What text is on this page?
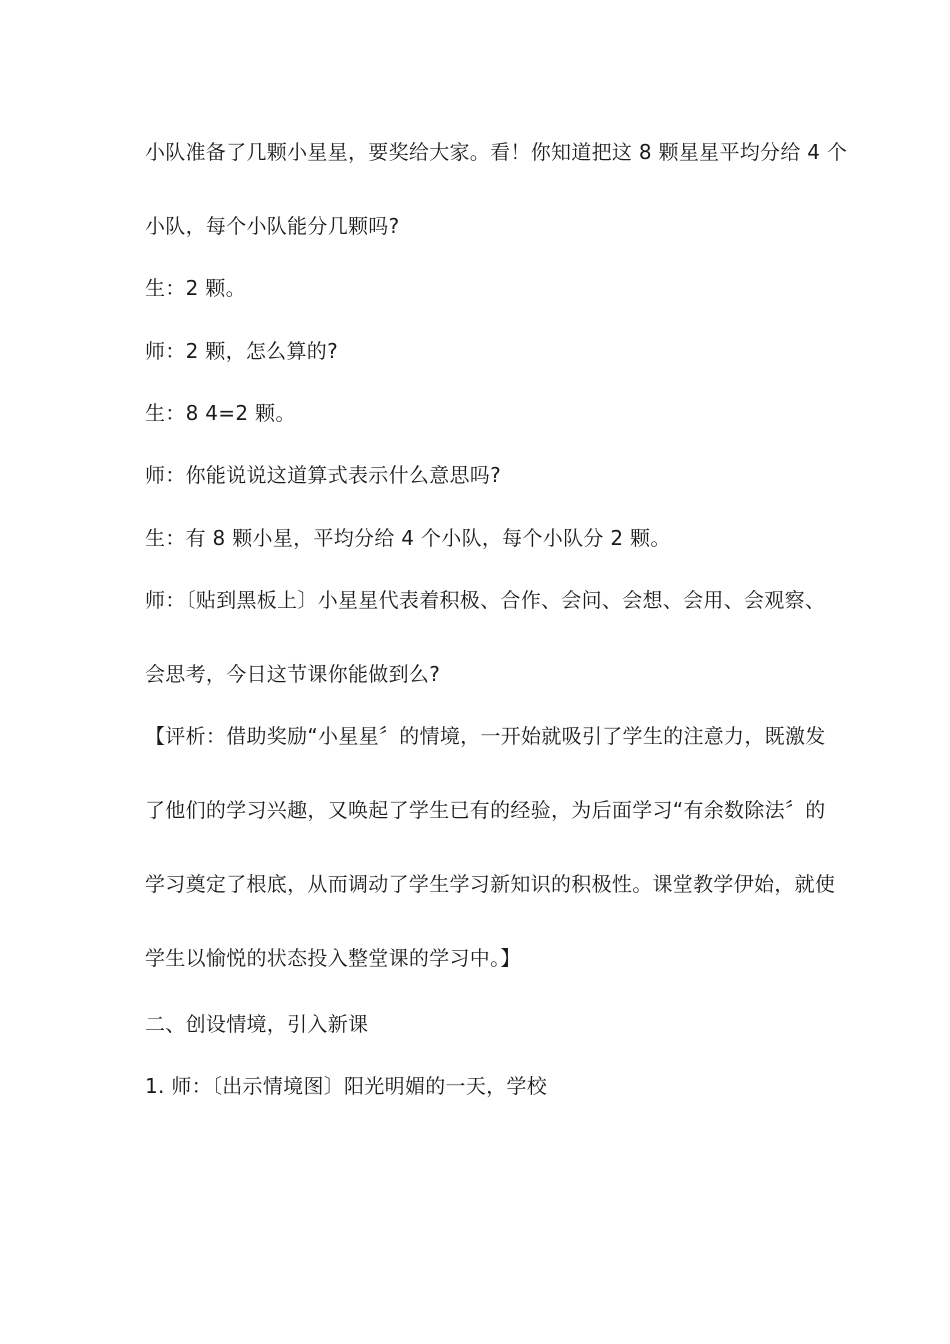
小队准备了几颗小星星，要奖给大家。看！你知道把这 8 颗星星平均分给 4 个
小队，每个小队能分几颗吗?
生：2 颗。
师：2 颗，怎么算的?
生：8 4=2 颗。
师：你能说说这道算式表示什么意思吗?
生：有 8 颗小星，平均分给 4 个小队，每个小队分 2 颗。
师：〔贴到黑板上〕小星星代表着积极、合作、会问、会想、会用、会观察、
会思考，今日这节课你能做到么?
【评析：借助奖励“小星星〞的情境，一开始就吸引了学生的注意力，既激发
了他们的学习兴趣，又唤起了学生已有的经验，为后面学习“有余数除法〞的
学习奠定了根底，从而调动了学生学习新知识的积极性。课堂教学伊始，就使
学生以愉悦的状态投入整堂课的学习中。】
二、创设情境，引入新课
1. 师：〔出示情境图〕阳光明媚的一天，学校
